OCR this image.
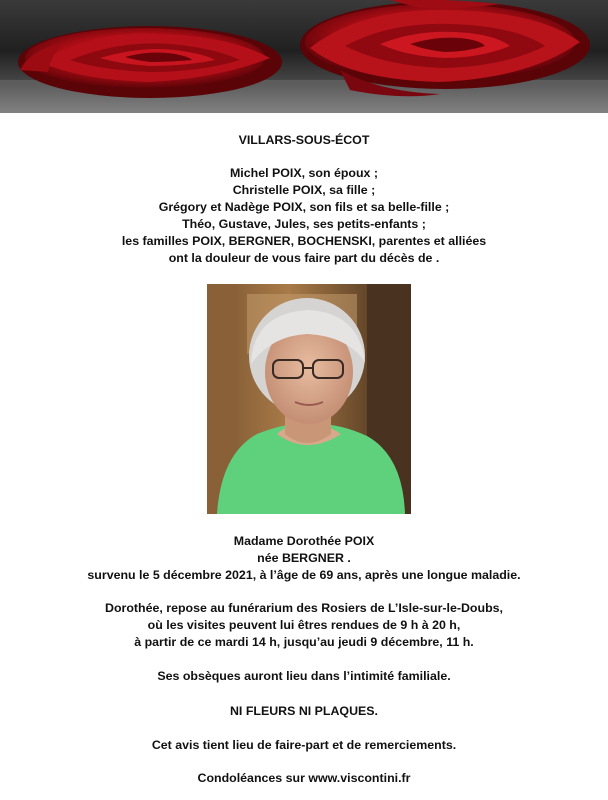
VILLARS-SOUS-ÉCOT
Michel POIX, son époux ;
Christelle POIX, sa fille ;
Grégory et Nadège POIX, son fils et sa belle-fille ;
Théo, Gustave, Jules, ses petits-enfants ;
les familles POIX, BERGNER, BOCHENSKI, parentes et alliées
ont la douleur de vous faire part du décès de .
Madame Dorothée POIX
née BERGNER .
survenu le 5 décembre 2021, à l’âge de 69 ans, après une longue maladie.
Dorothée, repose au funérarium des Rosiers de L’Isle-sur-le-Doubs,
où les visites peuvent lui êtres rendues de 9 h à 20 h,
à partir de ce mardi 14 h, jusqu’au jeudi 9 décembre, 11 h.
Ses obsèques auront lieu dans l’intimité familiale.
NI FLEURS NI PLAQUES.
Cet avis tient lieu de faire-part et de remerciements.
Condoléances sur www.viscontini.fr
